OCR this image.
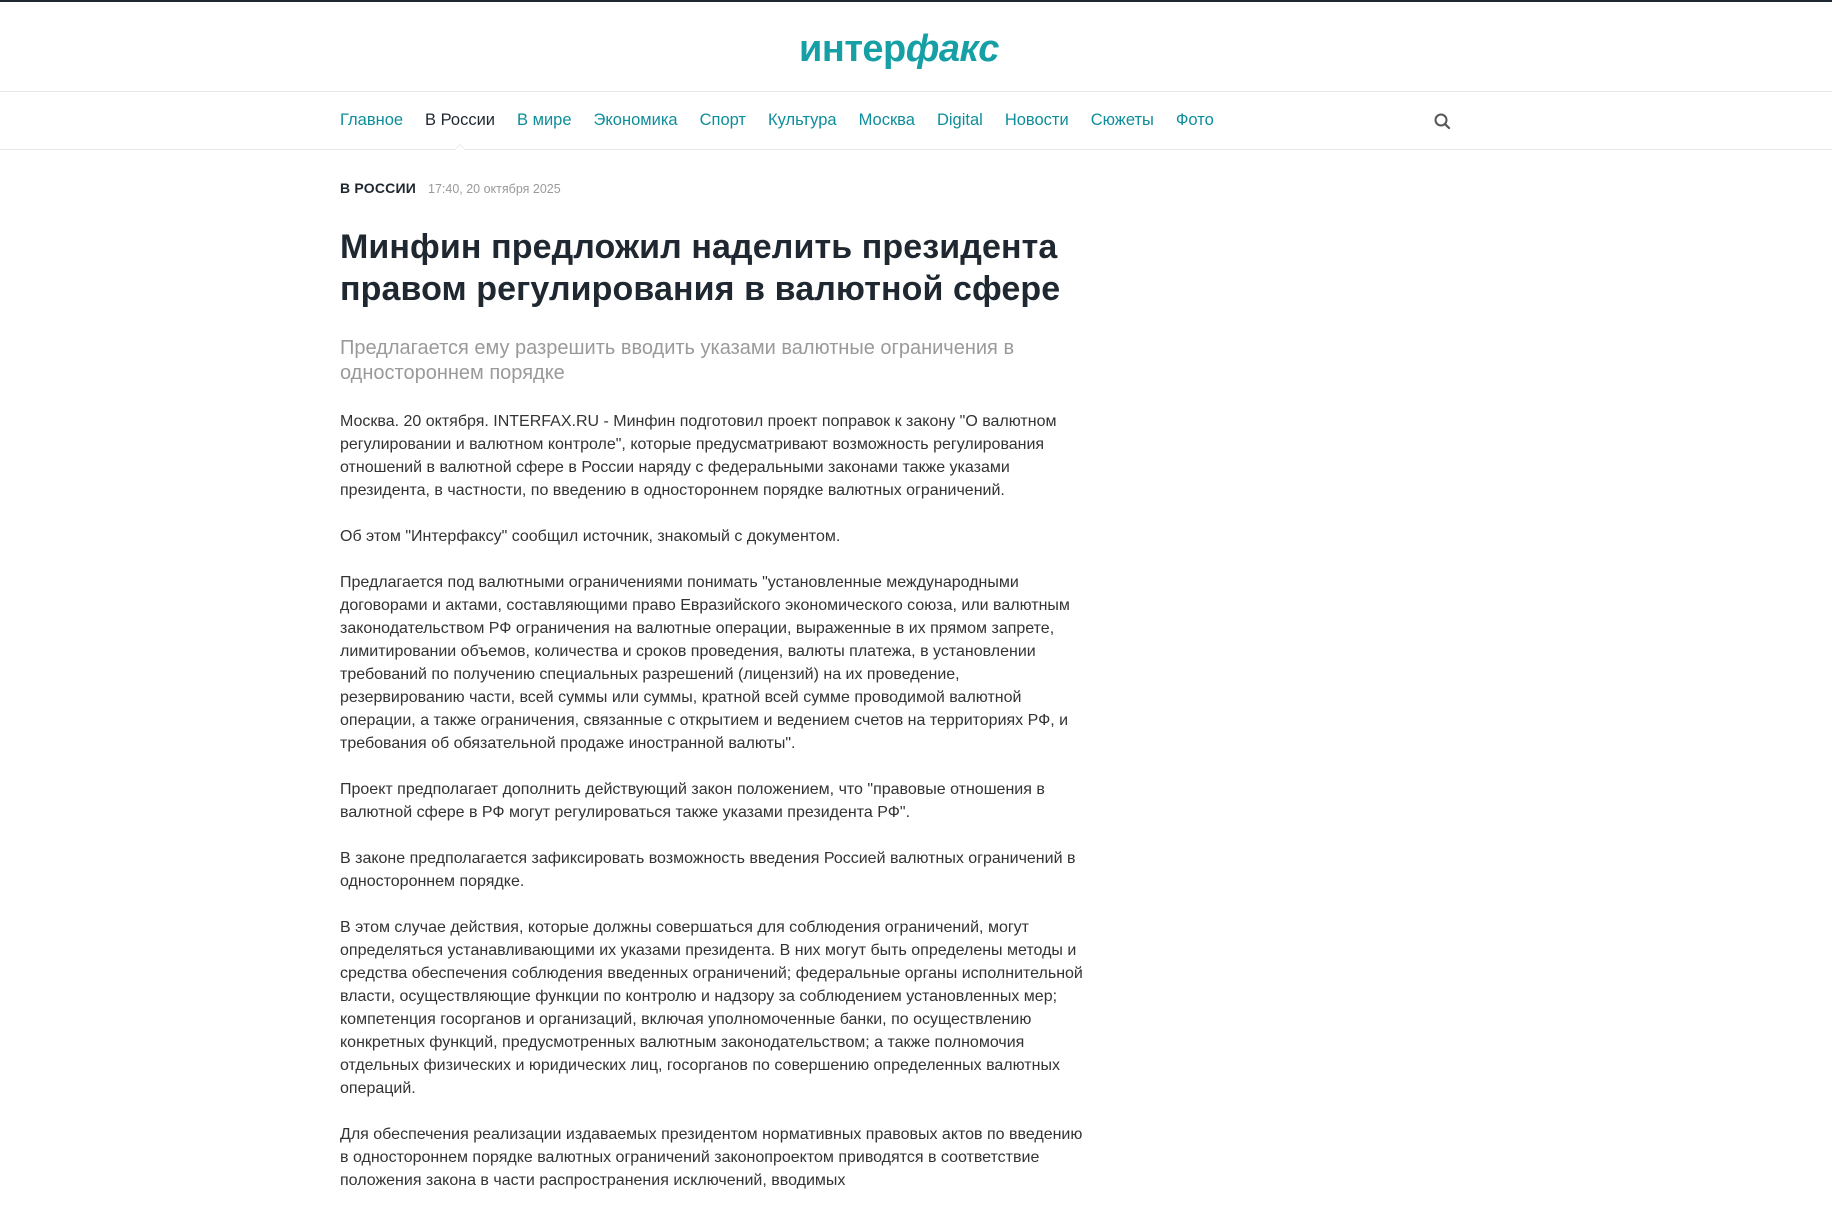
интер факс
Главное В России В мире Экономика Спорт Культура Москва Digital Новости Сюжеты Фото
В РОССИИ 17:40, 20 октября 2025
Минфин предложил наделить президента правом регулирования в валютной сфере
Предлагается ему разрешить вводить указами валютные ограничения в одностороннем порядке

Москва. 20 октября. INTERFAX.RU - Минфин подготовил проект поправок к закону "О валютном регулировании и валютном контроле", которые предусматривают возможность регулирования отношений в валютной сфере в России наряду с федеральными законами также указами президента, в частности, по введению в одностороннем порядке валютных ограничений.

Об этом "Интерфаксу" сообщил источник, знакомый с документом.

Предлагается под валютными ограничениями понимать "установленные международными договорами и актами, составляющими право Евразийского экономического союза, или валютным законодательством РФ ограничения на валютные операции, выраженные в их прямом запрете, лимитировании объемов, количества и сроков проведения, валюты платежа, в установлении требований по получению специальных разрешений (лицензий) на их проведение, резервированию части, всей суммы или суммы, кратной всей сумме проводимой валютной операции, а также ограничения, связанные с открытием и ведением счетов на территориях РФ, и требования об обязательной продаже иностранной валюты".

Проект предполагает дополнить действующий закон положением, что "правовые отношения в валютной сфере в РФ могут регулироваться также указами президента РФ".

В законе предполагается зафиксировать возможность введения Россией валютных ограничений в одностороннем порядке.

В этом случае действия, которые должны совершаться для соблюдения ограничений, могут определяться устанавливающими их указами президента. В них могут быть определены методы и средства обеспечения соблюдения введенных ограничений; федеральные органы исполнительной власти, осуществляющие функции по контролю и надзору за соблюдением установленных мер; компетенция госорганов и организаций, включая уполномоченные банки, по осуществлению конкретных функций, предусмотренных валютным законодательством; а также полномочия отдельных физических и юридических лиц, госорганов по совершению определенных валютных операций.

Для обеспечения реализации издаваемых президентом нормативных правовых актов по введению в одностороннем порядке валютных ограничений законопроектом приводятся в соответствие положения закона в части распространения исключений, вводимых
